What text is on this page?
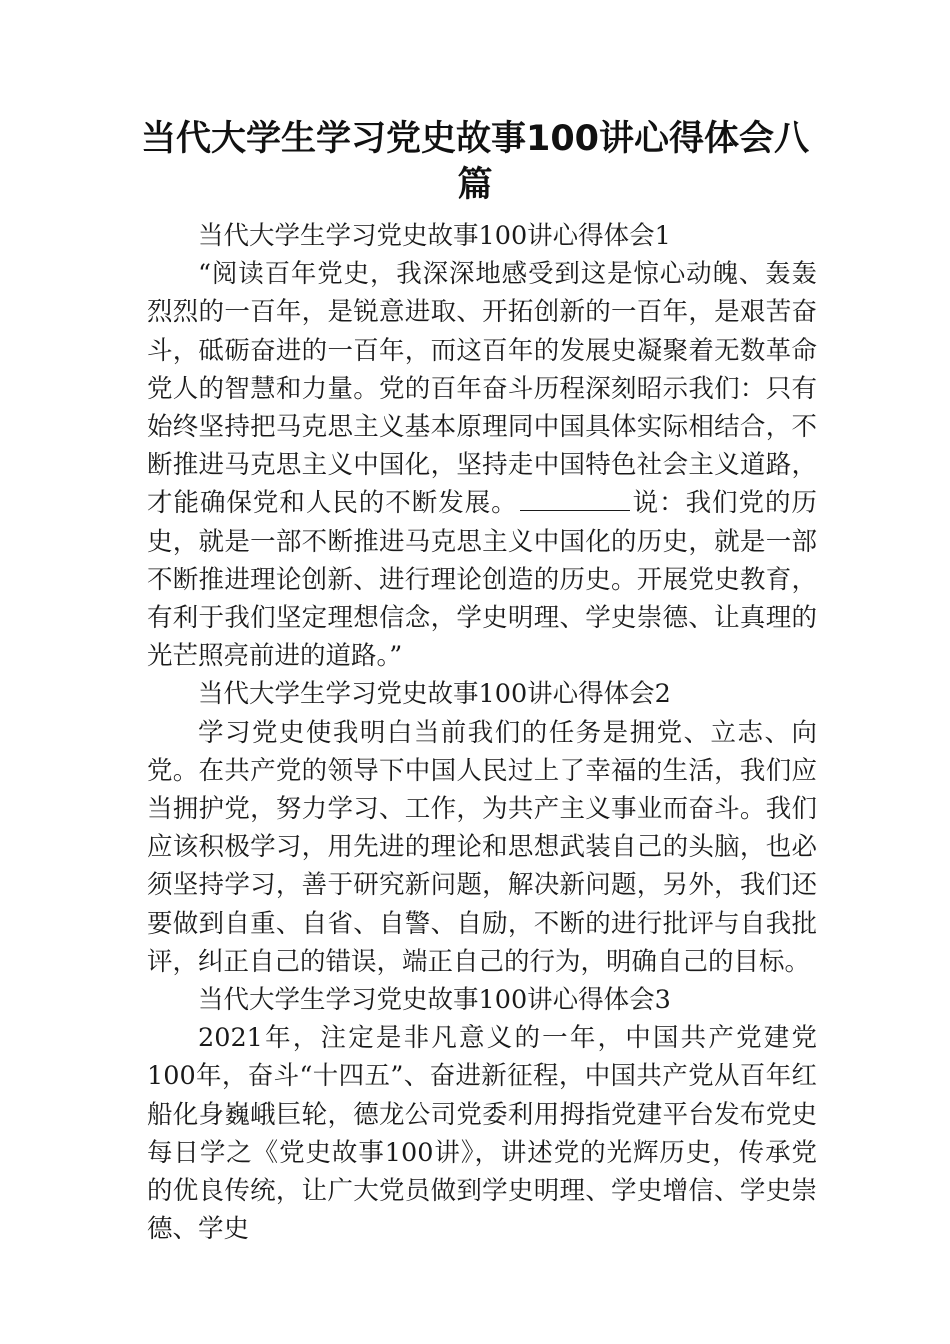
当代大学生学习党史故事100讲心得体会八篇

当代大学生学习党史故事100讲心得体会1

“阅读百年党史，我深深地感受到这是惊心动魄、轰轰烈烈的一百年，是锐意进取、开拓创新的一百年，是艰苦奋斗，砥砺奋进的一百年，而这百年的发展史凝聚着无数革命党人的智慧和力量。党的百年奋斗历程深刻昭示我们：只有始终坚持把马克思主义基本原理同中国具体实际相结合，不断推进马克思主义中国化，坚持走中国特色社会主义道路，才能确保党和人民的不断发展。	说：我们党的历史，就是一部不断推进马克思主义中国化的历史，就是一部不断推进理论创新、进行理论创造的历史。开展党史教育，有利于我们坚定理想信念，学史明理、学史崇德、让真理的光芒照亮前进的道路。”

当代大学生学习党史故事100讲心得体会2

学习党史使我明白当前我们的任务是拥党、立志、向党。在共产党的领导下中国人民过上了幸福的生活，我们应当拥护党，努力学习、工作，为共产主义事业而奋斗。我们应该积极学习，用先进的理论和思想武装自己的头脑，也必须坚持学习，善于研究新问题，解决新问题，另外，我们还要做到自重、自省、自警、自励，不断的进行批评与自我批评，纠正自己的错误，端正自己的行为，明确自己的目标。

当代大学生学习党史故事100讲心得体会3

2021年，注定是非凡意义的一年，中国共产党建党100年，奋斗“十四五”、奋进新征程，中国共产党从百年红船化身巍峨巨轮，德龙公司党委利用拇指党建平台发布党史每日学之《党史故事100讲》，讲述党的光辉历史，传承党的优良传统，让广大党员做到学史明理、学史增信、学史崇德、学史
